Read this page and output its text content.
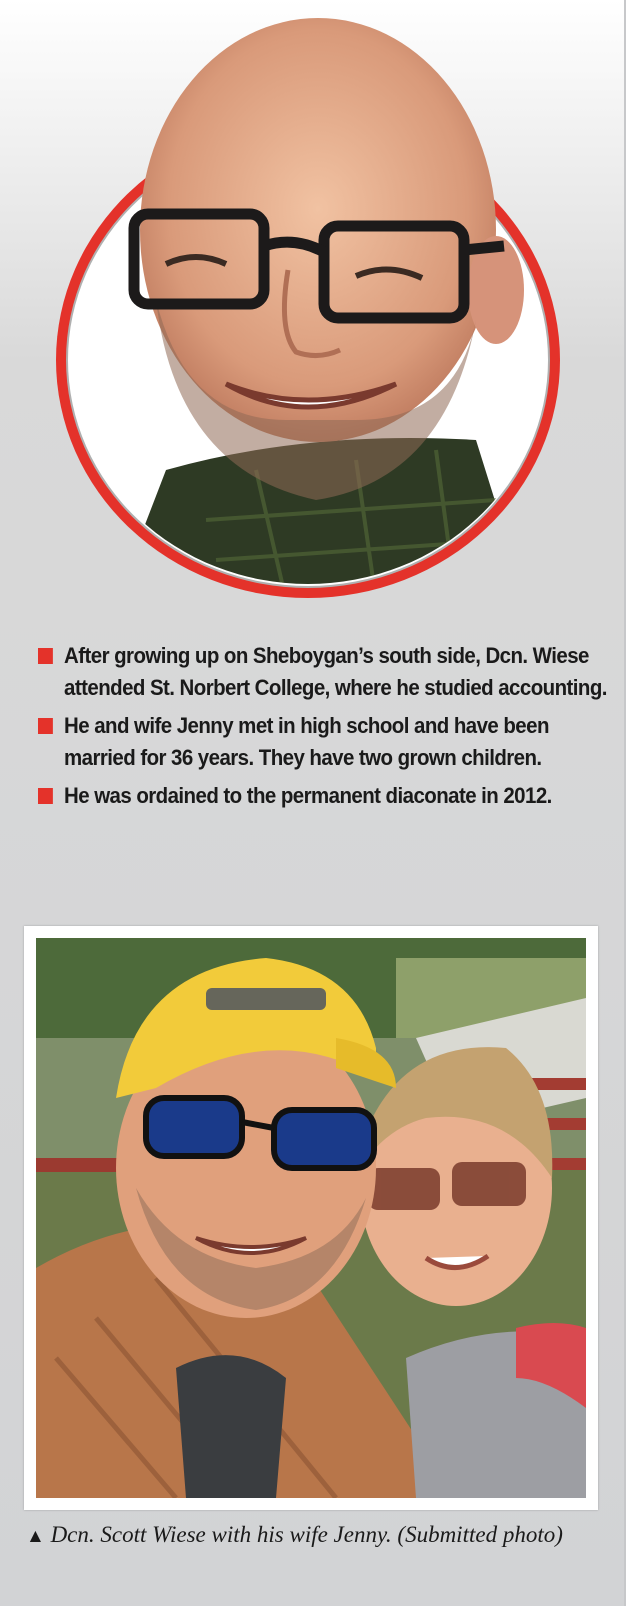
After growing up on Sheboygan’s south side, Dcn. Wiese attended St. Norbert College, where he studied accounting.
He and wife Jenny met in high school and have been married for 36 years. They have two grown children.
He was ordained to the permanent diaconate in 2012.
▲ Dcn. Scott Wiese with his wife Jenny. (Submitted photo)
